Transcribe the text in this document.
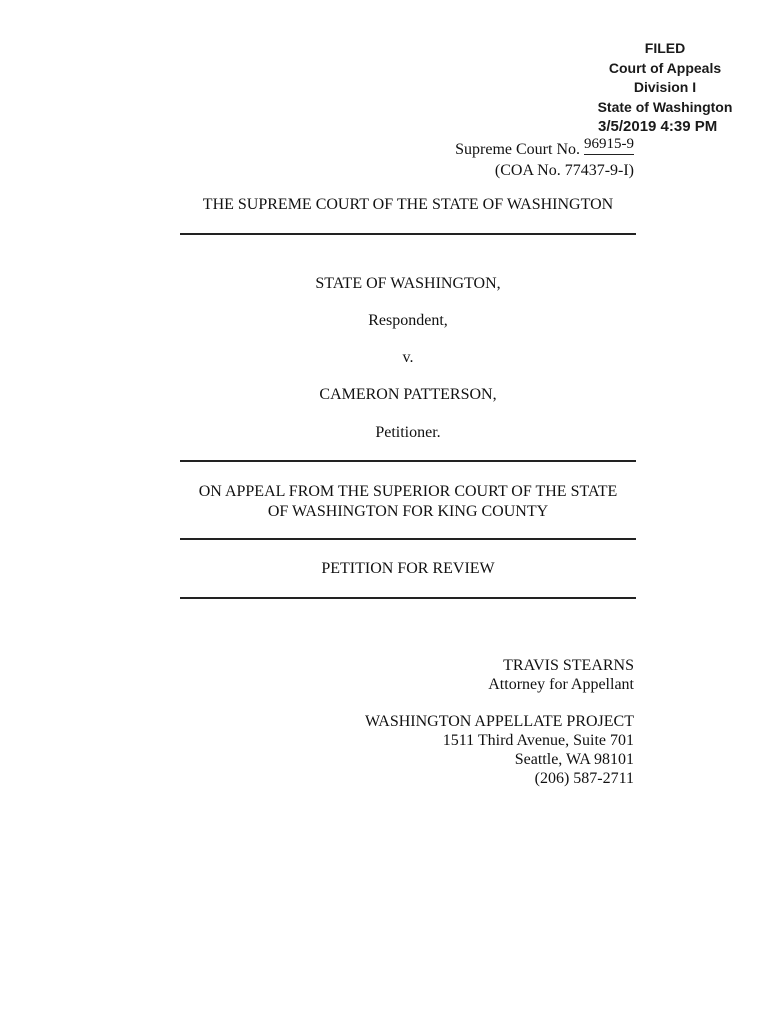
FILED
Court of Appeals
Division I
State of Washington
3/5/2019 4:39 PM
Supreme Court No. 96915-9
(COA No. 77437-9-I)
THE SUPREME COURT OF THE STATE OF WASHINGTON
STATE OF WASHINGTON,
Respondent,
v.
CAMERON PATTERSON,
Petitioner.
ON APPEAL FROM THE SUPERIOR COURT OF THE STATE
OF WASHINGTON FOR KING COUNTY
PETITION FOR REVIEW
TRAVIS STEARNS
Attorney for Appellant
WASHINGTON APPELLATE PROJECT
1511 Third Avenue, Suite 701
Seattle, WA 98101
(206) 587-2711
